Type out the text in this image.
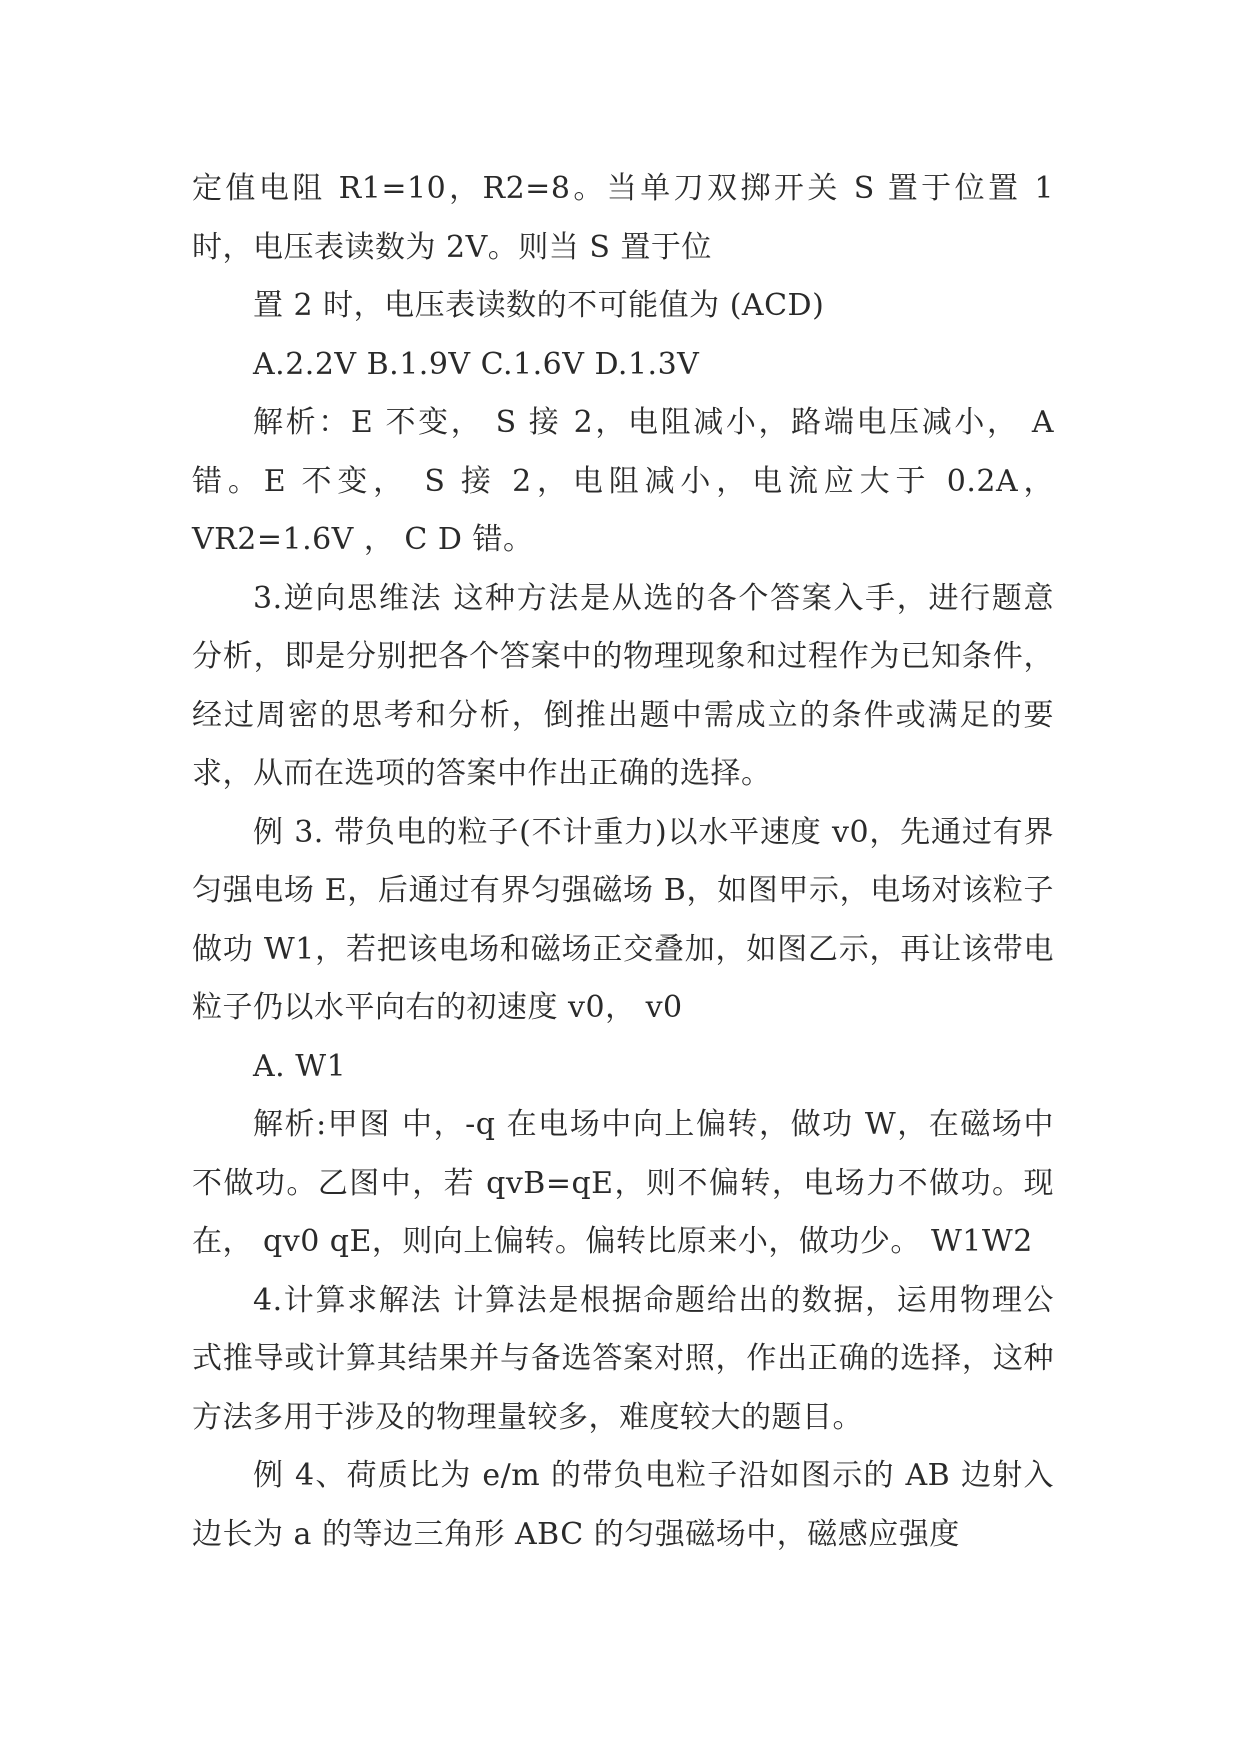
定值电阻 R1=10，R2=8。当单刀双掷开关 S 置于位置 1 时，电压表读数为 2V。则当 S 置于位

置 2 时，电压表读数的不可能值为 (ACD)

A.2.2V B.1.9V C.1.6V D.1.3V

解析：E 不变， S 接 2，电阻减小，路端电压减小， A 错。E 不变， S 接 2，电阻减小，电流应大于 0.2A，VR2=1.6V ， C D 错。

3.逆向思维法 这种方法是从选的各个答案入手，进行题意分析，即是分别把各个答案中的物理现象和过程作为已知条件，经过周密的思考和分析，倒推出题中需成立的条件或满足的要求，从而在选项的答案中作出正确的选择。

例 3. 带负电的粒子(不计重力)以水平速度 v0，先通过有界匀强电场 E，后通过有界匀强磁场 B，如图甲示，电场对该粒子做功 W1，若把该电场和磁场正交叠加，如图乙示，再让该带电粒子仍以水平向右的初速度 v0， v0

A. W1

解析:甲图 中，-q 在电场中向上偏转，做功 W，在磁场中不做功。乙图中，若 qvB=qE，则不偏转，电场力不做功。现在， qv0 qE，则向上偏转。偏转比原来小，做功少。 W1W2

4.计算求解法 计算法是根据命题给出的数据，运用物理公式推导或计算其结果并与备选答案对照，作出正确的选择，这种方法多用于涉及的物理量较多，难度较大的题目。

例 4、荷质比为 e/m 的带负电粒子沿如图示的 AB 边射入边长为 a 的等边三角形 ABC 的匀强磁场中，磁感应强度
